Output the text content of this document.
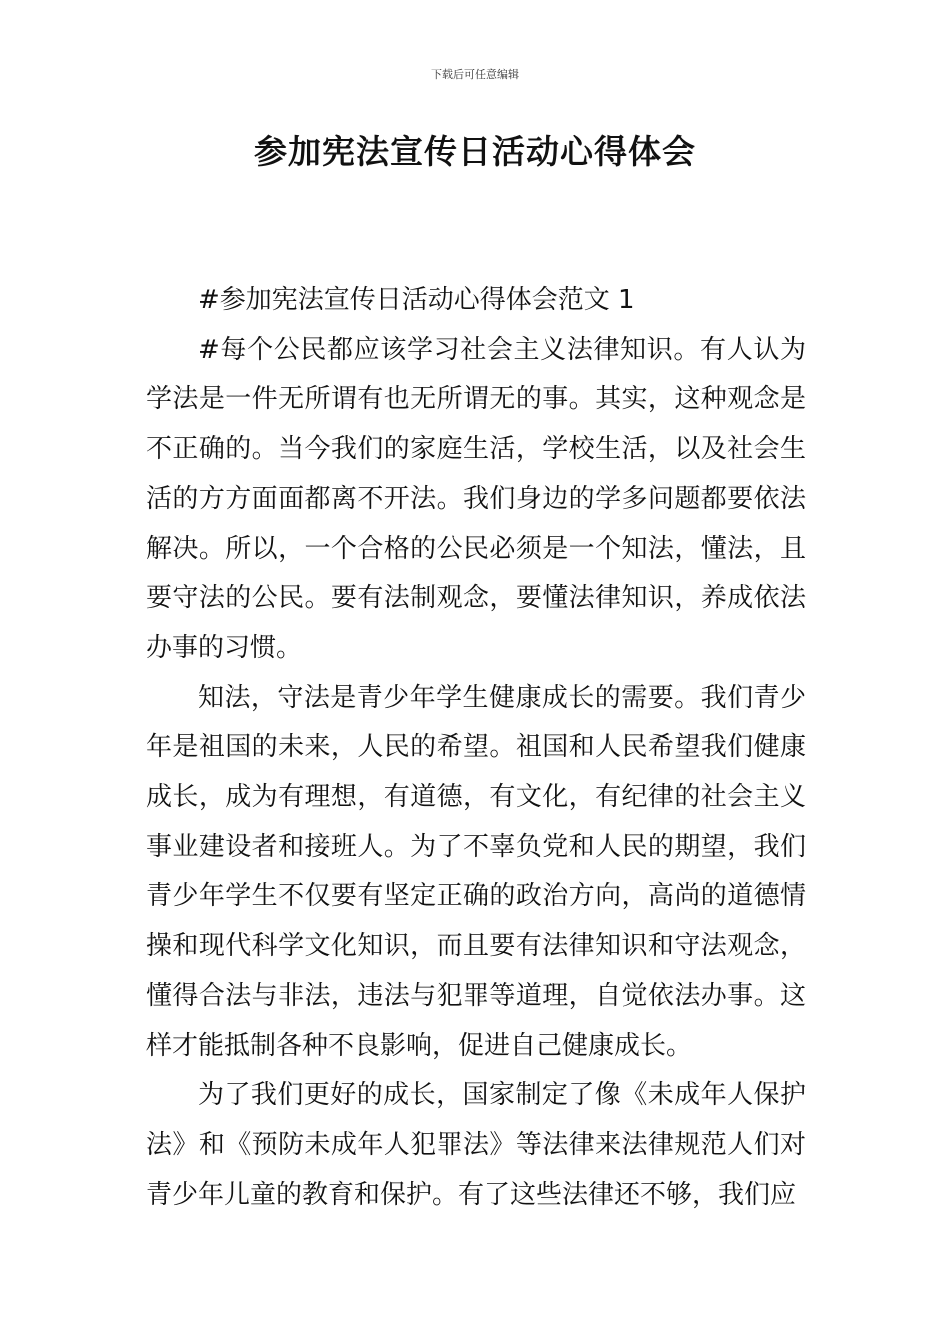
下载后可任意编辑
参加宪法宣传日活动心得体会

#参加宪法宣传日活动心得体会范文 1

#每个公民都应该学习社会主义法律知识。有人认为学法是一件无所谓有也无所谓无的事。其实，这种观念是不正确的。当今我们的家庭生活，学校生活，以及社会生活的方方面面都离不开法。我们身边的学多问题都要依法解决。所以，一个合格的公民必须是一个知法，懂法，且要守法的公民。要有法制观念，要懂法律知识，养成依法办事的习惯。

知法，守法是青少年学生健康成长的需要。我们青少年是祖国的未来，人民的希望。祖国和人民希望我们健康成长，成为有理想，有道德，有文化，有纪律的社会主义事业建设者和接班人。为了不辜负党和人民的期望，我们青少年学生不仅要有坚定正确的政治方向，高尚的道德情操和现代科学文化知识，而且要有法律知识和守法观念，懂得合法与非法，违法与犯罪等道理，自觉依法办事。这样才能抵制各种不良影响，促进自己健康成长。

为了我们更好的成长，国家制定了像《未成年人保护法》和《预防未成年人犯罪法》等法律来法律规范人们对青少年儿童的教育和保护。有了这些法律还不够，我们应
